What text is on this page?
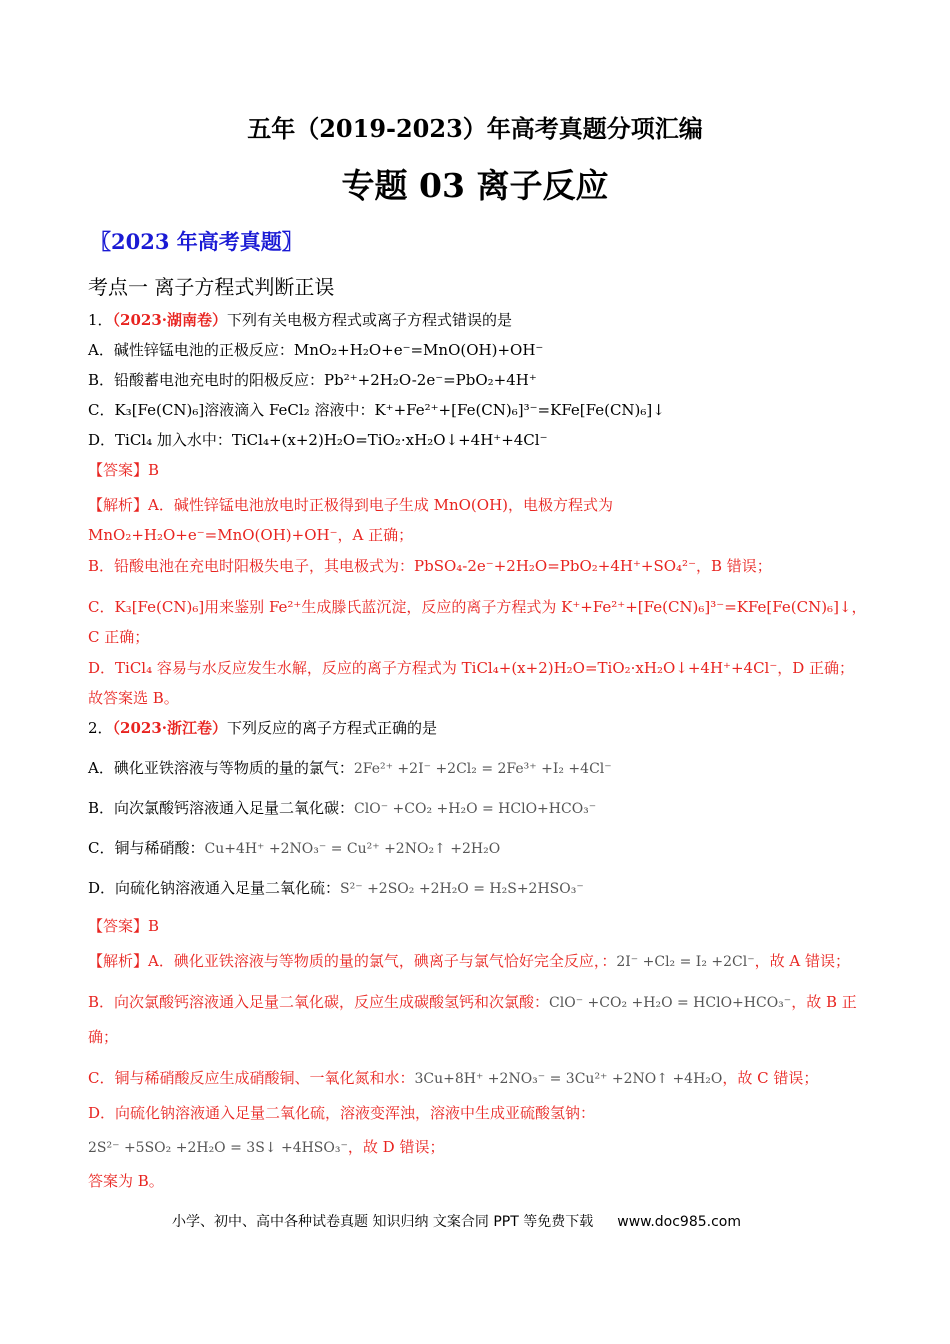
五年（2019-2023）年高考真题分项汇编
专题 03 离子反应
〖2023 年高考真题〗
考点一 离子方程式判断正误
1．（2023·湖南卷）下列有关电极方程式或离子方程式错误的是
A．碱性锌锰电池的正极反应：MnO₂+H₂O+e⁻=MnO(OH)+OH⁻
B．铅酸蓄电池充电时的阳极反应：Pb²⁺+2H₂O-2e⁻=PbO₂+4H⁺
C．K₃[Fe(CN)₆]溶液滴入 FeCl₂ 溶液中：K⁺+Fe²⁺+[Fe(CN)₆]³⁻=KFe[Fe(CN)₆]↓
D．TiCl₄ 加入水中：TiCl₄+(x+2)H₂O=TiO₂·xH₂O↓+4H⁺+4Cl⁻
【答案】B
【解析】A．碱性锌锰电池放电时正极得到电子生成 MnO(OH)，电极方程式为 MnO₂+H₂O+e⁻=MnO(OH)+OH⁻，A 正确；
B．铅酸电池在充电时阳极失电子，其电极式为：PbSO₄-2e⁻+2H₂O=PbO₂+4H⁺+SO₄²⁻，B 错误；
C．K₃[Fe(CN)₆]用来鉴别 Fe²⁺生成滕氏蓝沉淀，反应的离子方程式为 K⁺+Fe²⁺+[Fe(CN)₆]³⁻=KFe[Fe(CN)₆]↓，C 正确；
D．TiCl₄ 容易与水反应发生水解，反应的离子方程式为 TiCl₄+(x+2)H₂O=TiO₂·xH₂O↓+4H⁺+4Cl⁻，D 正确；
故答案选 B。
2．（2023·浙江卷）下列反应的离子方程式正确的是
A．碘化亚铁溶液与等物质的量的氯气：2Fe²⁺ +2I⁻ +2Cl₂ = 2Fe³⁺ +I₂ +4Cl⁻
B．向次氯酸钙溶液通入足量二氧化碳：ClO⁻ +CO₂ +H₂O = HClO+HCO₃⁻
C．铜与稀硝酸：Cu+4H⁺ +2NO₃⁻ = Cu²⁺ +2NO₂↑ +2H₂O
D．向硫化钠溶液通入足量二氧化硫：S²⁻ +2SO₂ +2H₂O = H₂S+2HSO₃⁻
【答案】B
【解析】A．碘化亚铁溶液与等物质的量的氯气，碘离子与氯气恰好完全反应，：2I⁻ +Cl₂ = I₂ +2Cl⁻，故 A 错误；
B．向次氯酸钙溶液通入足量二氧化碳，反应生成碳酸氢钙和次氯酸：ClO⁻ +CO₂ +H₂O = HClO+HCO₃⁻，故 B 正确；
C．铜与稀硝酸反应生成硝酸铜、一氧化氮和水：3Cu+8H⁺ +2NO₃⁻ = 3Cu²⁺ +2NO↑ +4H₂O，故 C 错误；
D．向硫化钠溶液通入足量二氧化硫，溶液变浑浊，溶液中生成亚硫酸氢钠：
2S²⁻ +5SO₂ +2H₂O = 3S↓ +4HSO₃⁻，故 D 错误；
答案为 B。
小学、初中、高中各种试卷真题 知识归纳 文案合同 PPT 等免费下载 www.doc985.com
